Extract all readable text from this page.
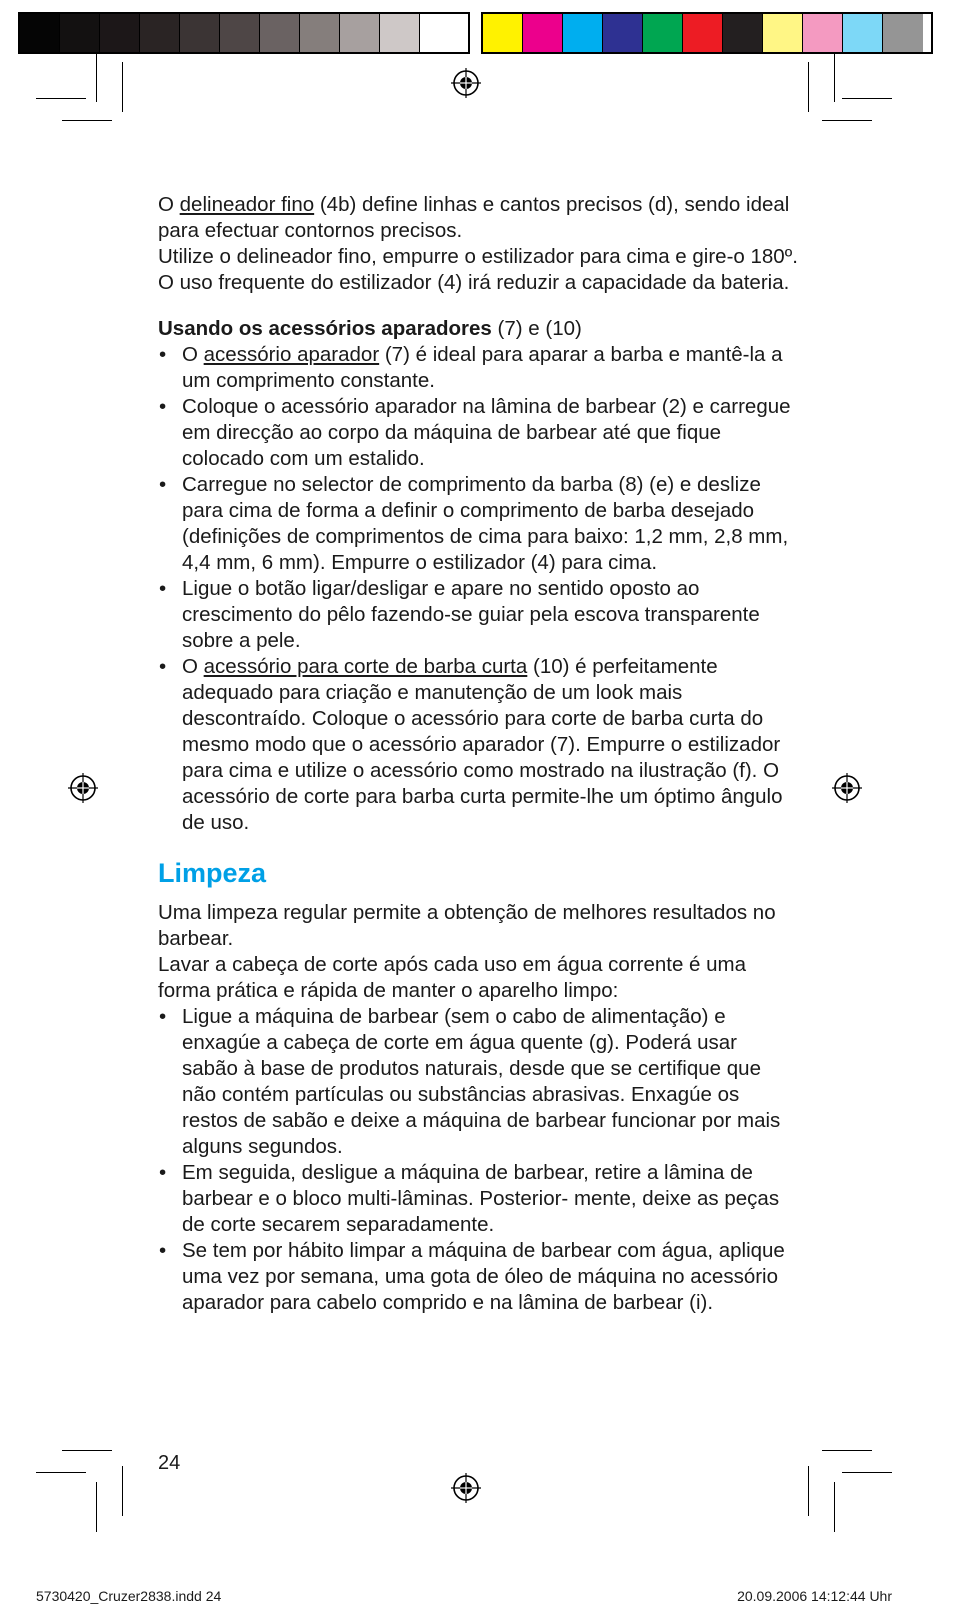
O delineador fino (4b) define linhas e cantos precisos (d), sendo ideal para efectuar contornos precisos.

Utilize o delineador fino, empurre o estilizador para cima e gire-o 180º.

O uso frequente do estilizador (4) irá reduzir a capacidade da bateria.

Usando os acessórios aparadores (7) e (10)

• O acessório aparador (7) é ideal para aparar a barba e mantê-la a um comprimento constante.
• Coloque o acessório aparador na lâmina de barbear (2) e carregue em direcção ao corpo da máquina de barbear até que fique colocado com um estalido.
• Carregue no selector de comprimento da barba (8) (e) e deslize para cima de forma a definir o comprimento de barba desejado (definições de comprimentos de cima para baixo: 1,2 mm, 2,8 mm, 4,4 mm, 6 mm). Empurre o estilizador (4) para cima.
• Ligue o botão ligar/desligar e apare no sentido oposto ao crescimento do pêlo fazendo-se guiar pela escova transparente sobre a pele.
• O acessório para corte de barba curta (10) é perfeitamente adequado para criação e manutenção de um look mais descontraído. Coloque o acessório para corte de barba curta do mesmo modo que o acessório aparador (7). Empurre o estilizador para cima e utilize o acessório como mostrado na ilustração (f). O acessório de corte para barba curta permite-lhe um óptimo ângulo de uso.
Limpeza

Uma limpeza regular permite a obtenção de melhores resultados no barbear.

Lavar a cabeça de corte após cada uso em água corrente é uma forma prática e rápida de manter o aparelho limpo:

• Ligue a máquina de barbear (sem o cabo de alimentação) e enxagúe a cabeça de corte em água quente (g). Poderá usar sabão à base de produtos naturais, desde que se certifique que não contém partículas ou substâncias abrasivas. Enxagúe os restos de sabão e deixe a máquina de barbear funcionar por mais alguns segundos.
• Em seguida, desligue a máquina de barbear, retire a lâmina de barbear e o bloco multi-lâminas. Posterior- mente, deixe as peças de corte secarem separadamente.
• Se tem por hábito limpar a máquina de barbear com água, aplique uma vez por semana, uma gota de óleo de máquina no acessório aparador para cabelo comprido e na lâmina de barbear (i).
24
5730420_Cruzer2838.indd 24	20.09.2006 14:12:44 Uhr
